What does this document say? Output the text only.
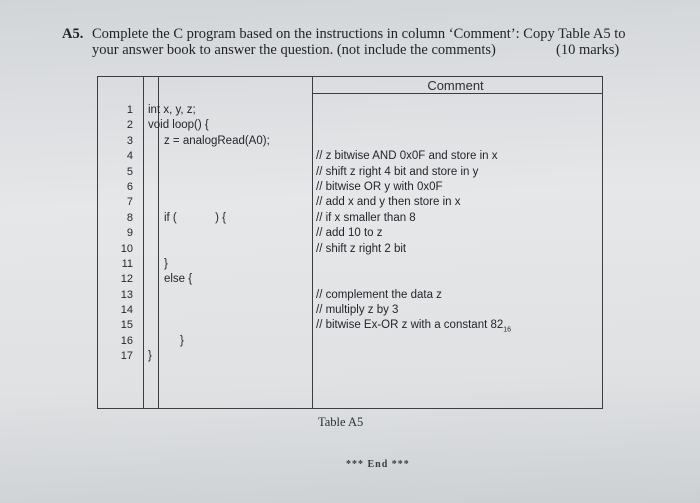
A5. Complete the C program based on the instructions in column ‘Comment’: Copy Table A5 to
your answer book to answer the question. (not include the comments)	(10 marks)
Comment
1
2
3
4
5
6
7
8
9
10
11
12
13
14
15
16
17
int x, y, z;
void loop() {
z = analogRead(A0);
if (            ) {
}
else {
}
}
// z bitwise AND 0x0F and store in x
// shift z right 4 bit and store in y
// bitwise OR y with 0x0F
// add x and y then store in x
// if x smaller than 8
// add 10 to z
// shift z right 2 bit
// complement the data z
// multiply z by 3
// bitwise Ex-OR z with a constant $82_{16}$
Table A5
*** End ***
